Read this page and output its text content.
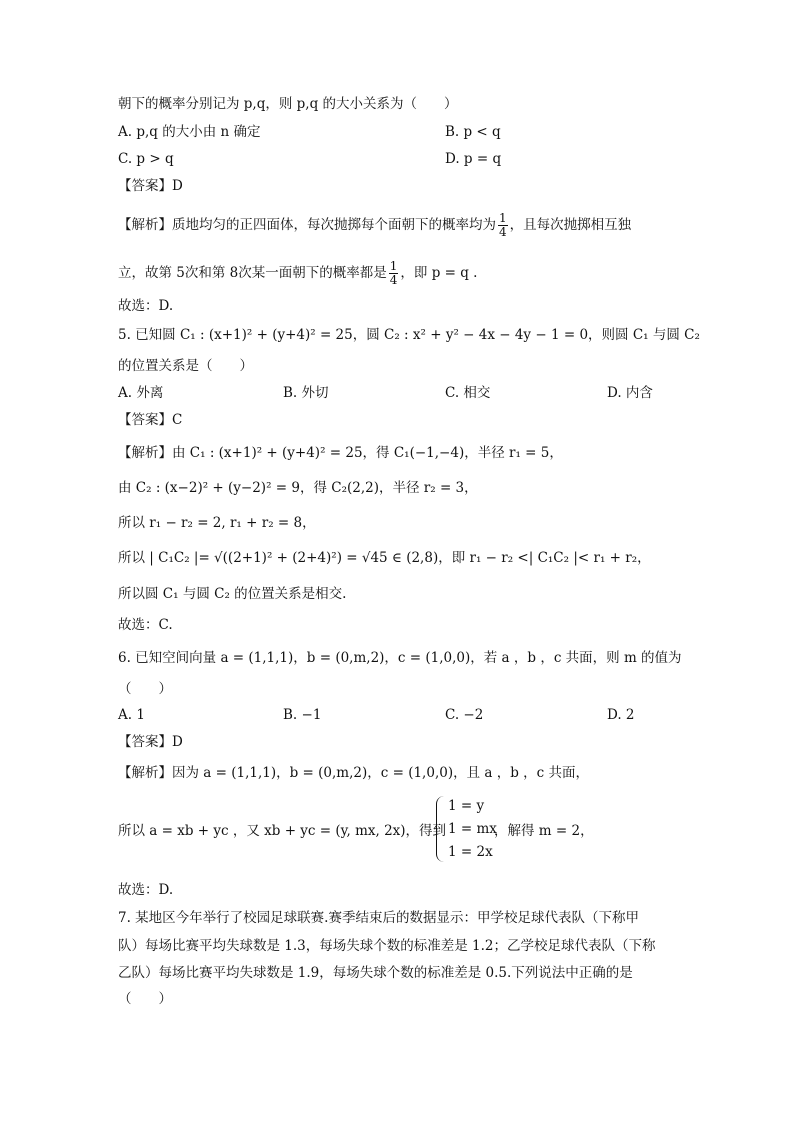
朝下的概率分别记为 p,q，则 p,q 的大小关系为（　　）
A. p,q 的大小由 n 确定	B. p < q
C. p > q	D. p = q
【答案】D
【解析】质地均匀的正四面体，每次抛掷每个面朝下的概率均为 $\frac{1}{4}$ ，且每次抛掷相互独
立，故第 5次和第 8次某一面朝下的概率都是 $\frac{1}{4}$ ，即 p = q .
故选：D.
5. 已知圆 C₁ : (x+1)² + (y+4)² = 25，圆 C₂ : x² + y² − 4x − 4y − 1 = 0，则圆 C₁ 与圆 C₂
的位置关系是（　　）
A. 外离	B. 外切	C. 相交	D. 内含
【答案】C
【解析】由 C₁ : (x+1)² + (y+4)² = 25，得 C₁(−1,−4)，半径 r₁ = 5，
由 C₂ : (x−2)² + (y−2)² = 9，得 C₂(2,2)，半径 r₂ = 3，
所以 r₁ − r₂ = 2, r₁ + r₂ = 8，
所以 | C₁C₂ |= √((2+1)² + (2+4)²) = √45 ∈ (2,8)，即 r₁ − r₂ <| C₁C₂ |< r₁ + r₂，
所以圆 C₁ 与圆 C₂ 的位置关系是相交.
故选：C.
6. 已知空间向量 a = (1,1,1)，b = (0,m,2)，c = (1,0,0)，若 a ，b ，c 共面，则 m 的值为
（　　）
A. 1	B. −1	C. −2	D. 2
【答案】D
【解析】因为 a = (1,1,1)，b = (0,m,2)，c = (1,0,0)，且 a ，b ，c 共面，
所以 a = xb + yc ，又 xb + yc = (y, mx, 2x)，得到
1 = y
1 = mx
1 = 2x
，解得 m = 2，
故选：D.
7. 某地区今年举行了校园足球联赛.赛季结束后的数据显示：甲学校足球代表队（下称甲
队）每场比赛平均失球数是 1.3，每场失球个数的标准差是 1.2；乙学校足球代表队（下称
乙队）每场比赛平均失球数是 1.9，每场失球个数的标准差是 0.5.下列说法中正确的是
（　　）
